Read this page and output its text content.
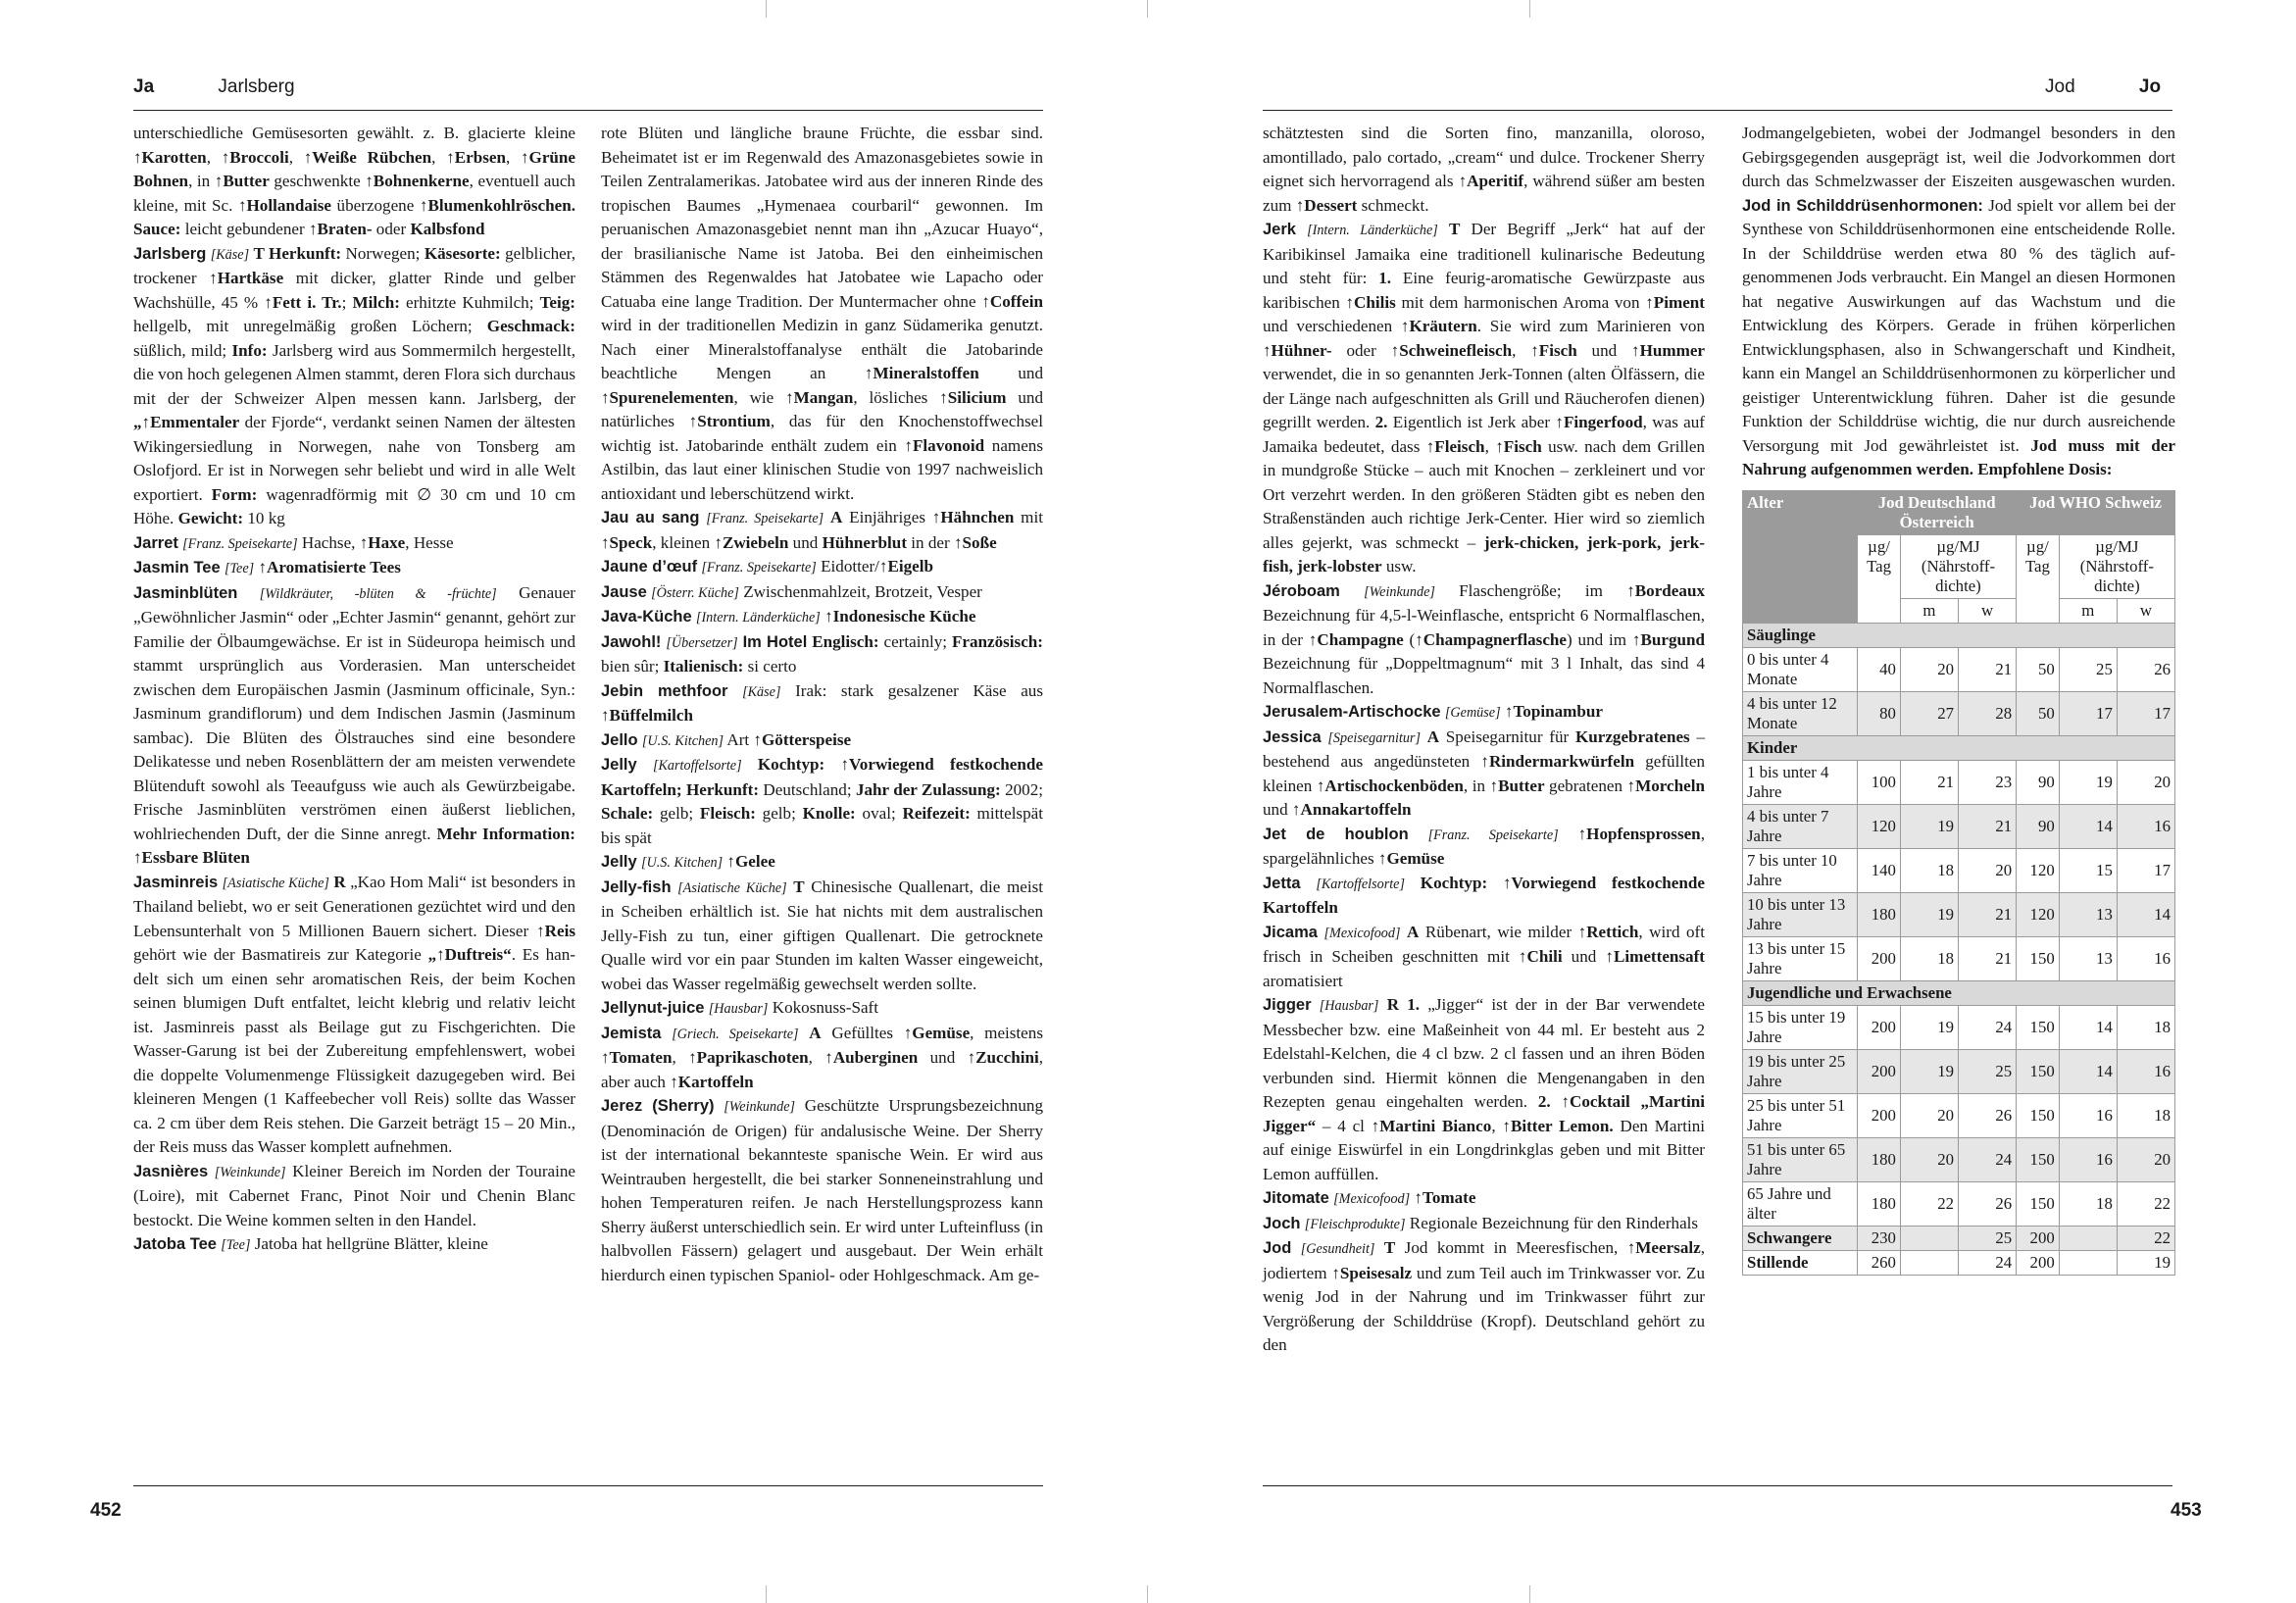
Ja	Jarlsberg

unterschiedliche Gemüsesorten gewählt. z. B. glacierte kleine ↑Karotten, ↑Broccoli, ↑Weiße Rübchen, ↑Erbsen, ↑Grüne Bohnen, in ↑Butter geschwenkte ↑Bohnenkerne, eventuell auch kleine, mit Sc. ↑Hollandaise überzogene ↑Blumenkohlröschen. Sauce: leicht gebundener ↑Braten- oder Kalbsfond

Jarlsberg [Käse] T Herkunft: Norwegen; Käsesorte: gelblicher, trockener ↑Hartkäse mit dicker, glatter Rinde und gelber Wachshülle, 45 % ↑Fett i. Tr.; Milch: erhitzte Kuhmilch; Teig: hellgelb, mit unregelmäßig großen Löchern; Geschmack: süßlich, mild; Info: Jarlsberg wird aus Sommermilch hergestellt, die von hoch gelegenen Almen stammt, deren Flora sich durchaus mit der der Schweizer Alpen messen kann. Jarlsberg, der „↑Emmentaler der Fjorde“, verdankt seinen Namen der ältesten Wikingersiedlung in Norwegen, nahe von Tonsberg am Oslofjord. Er ist in Norwegen sehr beliebt und wird in alle Welt exportiert. Form: wagenradförmig mit ∅ 30 cm und 10 cm Höhe. Gewicht: 10 kg

Jarret [Franz. Speisekarte] Hachse, ↑Haxe, Hesse

Jasmin Tee [Tee] ↑Aromatisierte Tees

Jasminblüten [Wildkräuter, -blüten & -früchte] Genauer „Gewöhnlicher Jasmin“ oder „Echter Jasmin“ genannt, gehört zur Familie der Ölbaumgewächse. Er ist in Südeuropa heimisch und stammt ursprünglich aus Vorderasien. Man unterscheidet zwischen dem Europäischen Jasmin (Jasminum officinale, Syn.: Jasminum grandiflorum) und dem Indischen Jasmin (Jasminum sambac). Die Blüten des Ölstrauches sind eine besondere Delikatesse und neben Rosenblättern der am meisten verwendete Blütenduft sowohl als Teeaufguss wie auch als Gewürzbeigabe. Frische Jasminblüten verströmen einen äußerst lieblichen, wohlriechenden Duft, der die Sinne anregt. Mehr Information: ↑Essbare Blüten

Jasminreis [Asiatische Küche] R „Kao Hom Mali“ ist besonders in Thailand beliebt, wo er seit Generationen gezüchtet wird und den Lebensunterhalt von 5 Millionen Bauern sichert. Dieser ↑Reis gehört wie der Basmatireis zur Kategorie „↑Duftreis“. Es handelt sich um einen sehr aromatischen Reis, der beim Kochen seinen blumigen Duft entfaltet, leicht klebrig und relativ leicht ist. Jasminreis passt als Beilage gut zu Fischgerichten. Die Wasser-Garung ist bei der Zubereitung empfehlenswert, wobei die doppelte Volumenmenge Flüssigkeit dazugegeben wird. Bei kleineren Mengen (1 Kaffeebecher voll Reis) sollte das Wasser ca. 2 cm über dem Reis stehen. Die Garzeit beträgt 15 – 20 Min., der Reis muss das Wasser komplett aufnehmen.

Jasnières [Weinkunde] Kleiner Bereich im Norden der Touraine (Loire), mit Cabernet Franc, Pinot Noir und Chenin Blanc bestockt. Die Weine kommen selten in den Handel.

Jatoba Tee [Tee] Jatoba hat hellgrüne Blätter, kleine

rote Blüten und längliche braune Früchte, die essbar sind. Beheimatet ist er im Regenwald des Amazonasgebietes sowie in Teilen Zentralamerikas. Jatobatee wird aus der inneren Rinde des tropischen Baumes „Hymenaea courbaril“ gewonnen. Im peruanischen Amazonasgebiet nennt man ihn „Azucar Huayo“, der brasilianische Name ist Jatoba. Bei den einheimischen Stämmen des Regenwaldes hat Jatobatee wie Lapacho oder Catuaba eine lange Tradition. Der Muntermacher ohne ↑Coffein wird in der traditionellen Medizin in ganz Südamerika genutzt. Nach einer Mineralstoffanalyse enthält die Jatobarinde beachtliche Mengen an ↑Mineralstoffen und ↑Spurenelementen, wie ↑Mangan, lösliches ↑Silicium und natürliches ↑Strontium, das für den Knochenstoffwechsel wichtig ist. Jatobarinde enthält zudem ein ↑Flavonoid namens Astilbin, das laut einer klinischen Studie von 1997 nachweislich antioxidant und leberschützend wirkt.

Jau au sang [Franz. Speisekarte] A Einjähriges ↑Hähnchen mit ↑Speck, kleinen ↑Zwiebeln und Hühnerblut in der ↑Soße

Jaune d’œuf [Franz. Speisekarte] Eidotter/↑Eigelb

Jause [Österr. Küche] Zwischenmahlzeit, Brotzeit, Vesper

Java-Küche [Intern. Länderküche] ↑Indonesische Küche

Jawohl! [Übersetzer] Im Hotel Englisch: certainly; Französisch: bien sûr; Italienisch: si certo

Jebin methfoor [Käse] Irak: stark gesalzener Käse aus ↑Büffelmilch

Jello [U.S. Kitchen] Art ↑Götterspeise

Jelly [Kartoffelsorte] Kochtyp: ↑Vorwiegend festkochende Kartoffeln; Herkunft: Deutschland; Jahr der Zulassung: 2002; Schale: gelb; Fleisch: gelb; Knolle: oval; Reifezeit: mittelspät bis spät

Jelly [U.S. Kitchen] ↑Gelee

Jelly-fish [Asiatische Küche] T Chinesische Quallenart, die meist in Scheiben erhältlich ist. Sie hat nichts mit dem australischen Jelly-Fish zu tun, einer giftigen Quallenart. Die getrocknete Qualle wird vor ein paar Stunden im kalten Wasser eingeweicht, wobei das Wasser regelmäßig gewechselt werden sollte.

Jellynut-juice [Hausbar] Kokosnuss-Saft

Jemista [Griech. Speisekarte] A Gefülltes ↑Gemüse, meistens ↑Tomaten, ↑Paprikaschoten, ↑Auberginen und ↑Zucchini, aber auch ↑Kartoffeln

Jerez (Sherry) [Weinkunde] Geschützte Ursprungsbezeichnung (Denominación de Origen) für andalusische Weine. Der Sherry ist der international bekannteste spanische Wein. Er wird aus Weintrauben hergestellt, die bei starker Sonneneinstrahlung und hohen Temperaturen reifen. Je nach Herstellungsprozess kann Sherry äußerst unterschiedlich sein. Er wird unter Lufteinfluss (in halbvollen Fässern) gelagert und ausgebaut. Der Wein erhält hierdurch einen typischen Spaniol- oder Hohlgeschmack. Am ge-

452
Jod	Jo

schätztesten sind die Sorten fino, manzanilla, oloroso, amontillado, palo cortado, „cream“ und dulce. Trockener Sherry eignet sich hervorragend als ↑Aperitif, während süßer am besten zum ↑Dessert schmeckt.

Jerk [Intern. Länderküche] T Der Begriff „Jerk“ hat auf der Karibikinsel Jamaika eine traditionell kulinarische Bedeutung und steht für: 1. Eine feurig-aromatische Gewürzpaste aus karibischen ↑Chilis mit dem harmonischen Aroma von ↑Piment und verschiedenen ↑Kräutern. Sie wird zum Marinieren von ↑Hühner- oder ↑Schweinefleisch, ↑Fisch und ↑Hummer verwendet, die in so genannten Jerk-Tonnen (alten Ölfässern, die der Länge nach aufgeschnitten als Grill und Räucherofen dienen) gegrillt werden. 2. Eigentlich ist Jerk aber ↑Fingerfood, was auf Jamaika bedeutet, dass ↑Fleisch, ↑Fisch usw. nach dem Grillen in mundgroße Stücke – auch mit Knochen – zerkleinert und vor Ort verzehrt werden. In den größeren Städten gibt es neben den Straßenständen auch richtige Jerk-Center. Hier wird so ziemlich alles gejerkt, was schmeckt – jerk-chicken, jerk-pork, jerk-fish, jerk-lobster usw.

Jéroboam [Weinkunde] Flaschengröße; im ↑Bordeaux Bezeichnung für 4,5-l-Weinflasche, entspricht 6 Normalflaschen, in der ↑Champagne (↑Champagnerflasche) und im ↑Burgund Bezeichnung für „Doppeltmagnum“ mit 3 l Inhalt, das sind 4 Normalflaschen.

Jerusalem-Artischocke [Gemüse] ↑Topinambur

Jessica [Speisegarnitur] A Speisegarnitur für Kurzgebratenes – bestehend aus angedünsteten ↑Rindermarkwürfeln gefüllten kleinen ↑Artischockenböden, in ↑Butter gebratenen ↑Morcheln und ↑Annakartoffeln

Jet de houblon [Franz. Speisekarte] ↑Hopfensprossen, spargelähnliches ↑Gemüse

Jetta [Kartoffelsorte] Kochtyp: ↑Vorwiegend festkochende Kartoffeln

Jicama [Mexicofood] A Rübenart, wie milder ↑Rettich, wird oft frisch in Scheiben geschnitten mit ↑Chili und ↑Limettensaft aromatisiert

Jigger [Hausbar] R 1. „Jigger“ ist der in der Bar verwendete Messbecher bzw. eine Maßeinheit von 44 ml. Er besteht aus 2 Edelstahl-Kelchen, die 4 cl bzw. 2 cl fassen und an ihren Böden verbunden sind. Hiermit können die Mengenangaben in den Rezepten genau eingehalten werden. 2. ↑Cocktail „Martini Jigger“ – 4 cl ↑Martini Bianco, ↑Bitter Lemon. Den Martini auf einige Eiswürfel in ein Longdrinkglas geben und mit Bitter Lemon auffüllen.

Jitomate [Mexicofood] ↑Tomate

Joch [Fleischprodukte] Regionale Bezeichnung für den Rinderhals

Jod [Gesundheit] T Jod kommt in Meeresfischen, ↑Meersalz, jodiertem ↑Speisesalz und zum Teil auch im Trinkwasser vor. Zu wenig Jod in der Nahrung und im Trinkwasser führt zur Vergrößerung der Schilddrüse (Kropf). Deutschland gehört zu den

Jodmangelgebieten, wobei der Jodmangel besonders in den Gebirgsgegenden ausgeprägt ist, weil die Jodvorkommen dort durch das Schmelzwasser der Eiszeiten ausgewaschen wurden. Jod in Schilddrüsenhormonen: Jod spielt vor allem bei der Synthese von Schilddrüsenhormonen eine entscheidende Rolle. In der Schilddrüse werden etwa 80 % des täglich aufgenommenen Jods verbraucht. Ein Mangel an diesen Hormonen hat negative Auswirkungen auf das Wachstum und die Entwicklung des Körpers. Gerade in frühen körperlichen Entwicklungsphasen, also in Schwangerschaft und Kindheit, kann ein Mangel an Schilddrüsenhormonen zu körperlicher und geistiger Unterentwicklung führen. Daher ist die gesunde Funktion der Schilddrüse wichtig, die nur durch ausreichende Versorgung mit Jod gewährleistet ist. Jod muss mit der Nahrung aufgenommen werden. Empfohlene Dosis:

Alter	Jod Deutschland Österreich			Jod WHO Schweiz		
	µg/ Tag	µg/MJ (Nährstoff-dichte)		µg/ Tag	µg/MJ (Nährstoff-dichte)	
		m	w		m	w
Säuglinge						
0 bis unter 4 Monate	40	20	21	50	25	26
4 bis unter 12 Monate	80	27	28	50	17	17
Kinder						
1 bis unter 4 Jahre	100	21	23	90	19	20
4 bis unter 7 Jahre	120	19	21	90	14	16
7 bis unter 10 Jahre	140	18	20	120	15	17
10 bis unter 13 Jahre	180	19	21	120	13	14
13 bis unter 15 Jahre	200	18	21	150	13	16
Jugendliche und Erwachsene						
15 bis unter 19 Jahre	200	19	24	150	14	18
19 bis unter 25 Jahre	200	19	25	150	14	16
25 bis unter 51 Jahre	200	20	26	150	16	18
51 bis unter 65 Jahre	180	20	24	150	16	20
65 Jahre und älter	180	22	26	150	18	22
Schwangere	230		25	200		22
Stillende	260		24	200		19
453
